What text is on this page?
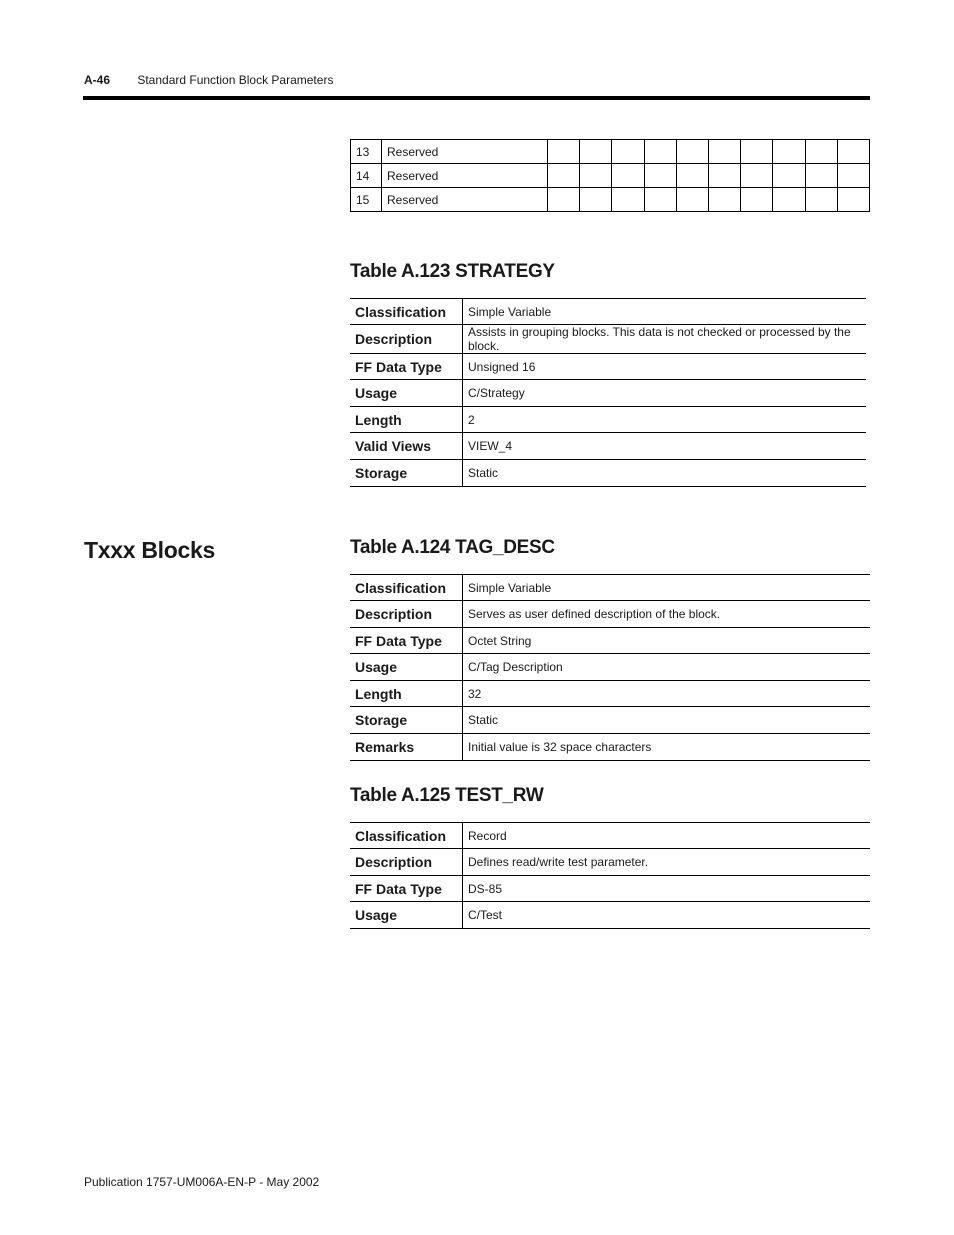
A-46 Standard Function Block Parameters
13	Reserved										
14	Reserved										
15	Reserved										
Table A.123 STRATEGY
Classification	Simple Variable
Description	Assists in grouping blocks. This data is not checked or processed by the block.
FF Data Type	Unsigned 16
Usage	C/Strategy
Length	2
Valid Views	VIEW_4
Storage	Static
Txxx Blocks	Table A.124 TAG_DESC
Classification	Simple Variable
Description	Serves as user defined description of the block.
FF Data Type	Octet String
Usage	C/Tag Description
Length	32
Storage	Static
Remarks	Initial value is 32 space characters
Table A.125 TEST_RW
Classification	Record
Description	Defines read/write test parameter.
FF Data Type	DS-85
Usage	C/Test
Publication 1757-UM006A-EN-P - May 2002
